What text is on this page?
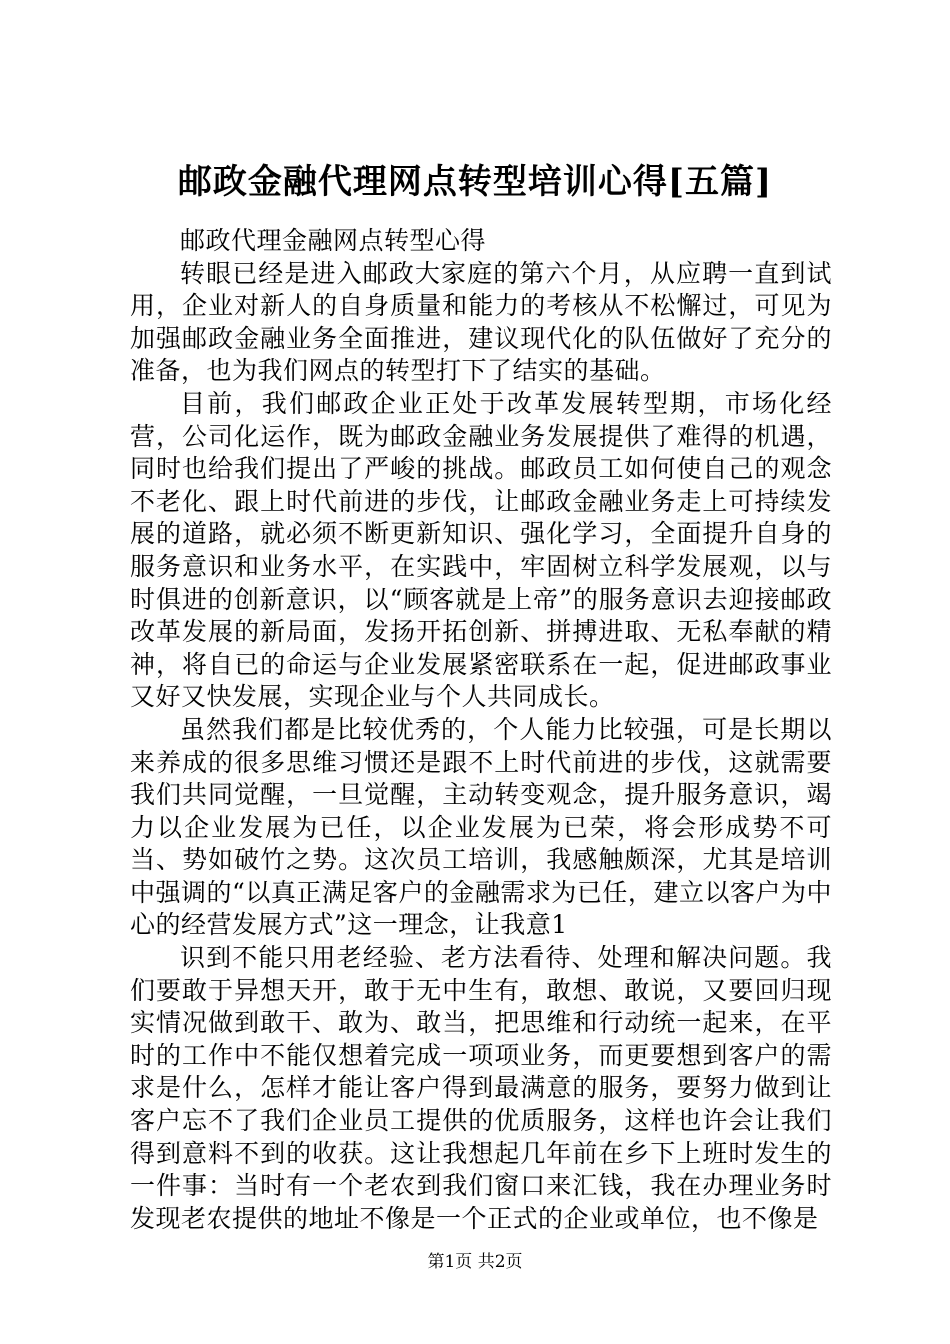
邮政金融代理网点转型培训心得[五篇]

邮政代理金融网点转型心得

转眼已经是进入邮政大家庭的第六个月，从应聘一直到试用，企业对新人的自身质量和能力的考核从不松懈过，可见为加强邮政金融业务全面推进，建议现代化的队伍做好了充分的准备，也为我们网点的转型打下了结实的基础。

目前，我们邮政企业正处于改革发展转型期，市场化经营，公司化运作，既为邮政金融业务发展提供了难得的机遇，同时也给我们提出了严峻的挑战。邮政员工如何使自己的观念不老化、跟上时代前进的步伐，让邮政金融业务走上可持续发展的道路，就必须不断更新知识、强化学习，全面提升自身的服务意识和业务水平，在实践中，牢固树立科学发展观，以与时俱进的创新意识，以“顾客就是上帝”的服务意识去迎接邮政改革发展的新局面，发扬开拓创新、拼搏进取、无私奉献的精神，将自已的命运与企业发展紧密联系在一起，促进邮政事业又好又快发展，实现企业与个人共同成长。

虽然我们都是比较优秀的，个人能力比较强，可是长期以来养成的很多思维习惯还是跟不上时代前进的步伐，这就需要我们共同觉醒，一旦觉醒，主动转变观念，提升服务意识，竭力以企业发展为已任，以企业发展为已荣，将会形成势不可当、势如破竹之势。这次员工培训，我感触颇深，尤其是培训中强调的“以真正满足客户的金融需求为已任，建立以客户为中心的经营发展方式”这一理念，让我意1

识到不能只用老经验、老方法看待、处理和解决问题。我们要敢于异想天开，敢于无中生有，敢想、敢说，又要回归现实情况做到敢干、敢为、敢当，把思维和行动统一起来，在平时的工作中不能仅想着完成一项项业务，而更要想到客户的需求是什么，怎样才能让客户得到最满意的服务，要努力做到让客户忘不了我们企业员工提供的优质服务，这样也许会让我们得到意料不到的收获。这让我想起几年前在乡下上班时发生的一件事：当时有一个老农到我们窗口来汇钱，我在办理业务时发现老农提供的地址不像是一个正式的企业或单位，也不像是

第1页 共2页
